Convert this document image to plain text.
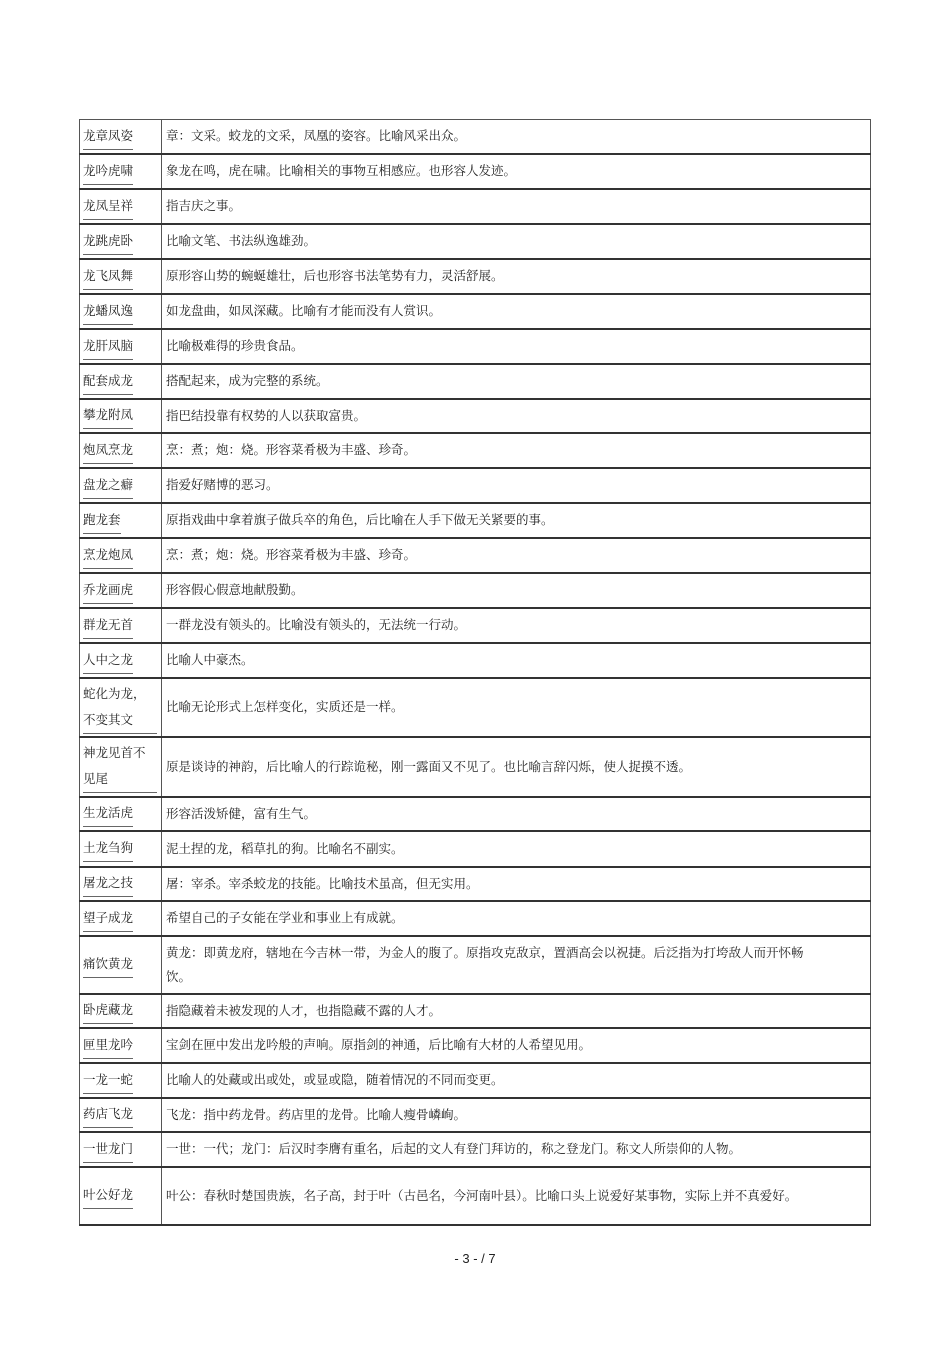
龙章凤姿	章：文采。蛟龙的文采，凤凰的姿容。比喻风采出众。
龙吟虎啸	象龙在鸣，虎在啸。比喻相关的事物互相感应。也形容人发迹。
龙凤呈祥	指吉庆之事。
龙跳虎卧	比喻文笔、书法纵逸雄劲。
龙飞凤舞	原形容山势的蜿蜒雄壮，后也形容书法笔势有力，灵活舒展。
龙蟠凤逸	如龙盘曲，如凤深藏。比喻有才能而没有人赏识。
龙肝凤脑	比喻极难得的珍贵食品。
配套成龙	搭配起来，成为完整的系统。
攀龙附凤	指巴结投靠有权势的人以获取富贵。
炮凤烹龙	烹：煮；炮：烧。形容菜肴极为丰盛、珍奇。
盘龙之癖	指爱好赌博的恶习。
跑龙套	原指戏曲中拿着旗子做兵卒的角色，后比喻在人手下做无关紧要的事。
烹龙炮凤	烹：煮；炮：烧。形容菜肴极为丰盛、珍奇。
乔龙画虎	形容假心假意地献殷勤。
群龙无首	一群龙没有领头的。比喻没有领头的，无法统一行动。
人中之龙	比喻人中豪杰。
蛇化为龙，不变其文	比喻无论形式上怎样变化，实质还是一样。
神龙见首不见尾	原是谈诗的神韵，后比喻人的行踪诡秘，刚一露面又不见了。也比喻言辞闪烁，使人捉摸不透。
生龙活虎	形容活泼矫健，富有生气。
土龙刍狗	泥土捏的龙，稻草扎的狗。比喻名不副实。
屠龙之技	屠：宰杀。宰杀蛟龙的技能。比喻技术虽高，但无实用。
望子成龙	希望自己的子女能在学业和事业上有成就。
痛饮黄龙	黄龙：即黄龙府，辖地在今吉林一带，为金人的腹了。原指攻克敌京，置酒高会以祝捷。后泛指为打垮敌人而开怀畅饮。
卧虎藏龙	指隐藏着未被发现的人才，也指隐藏不露的人才。
匣里龙吟	宝剑在匣中发出龙吟般的声响。原指剑的神通，后比喻有大材的人希望见用。
一龙一蛇	比喻人的处藏或出或处，或显或隐，随着情况的不同而变更。
药店飞龙	飞龙：指中药龙骨。药店里的龙骨。比喻人瘦骨嶙峋。
一世龙门	一世：一代；龙门：后汉时李膺有重名，后起的文人有登门拜访的，称之登龙门。称文人所崇仰的人物。
叶公好龙	叶公：春秋时楚国贵族，名子高，封于叶（古邑名，今河南叶县）。比喻口头上说爱好某事物，实际上并不真爱好。
- 3 - / 7
